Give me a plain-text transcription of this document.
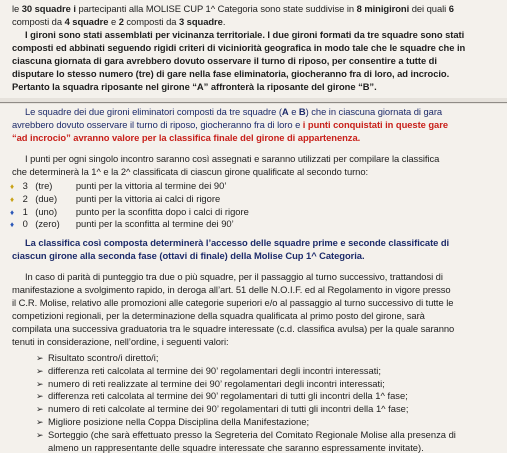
le 30 squadre i partecipanti alla MOLISE CUP 1^ Categoria sono state suddivise in 8 minigironi dei quali 6

composti da 4 squadre e 2 composti da 3 squadre.

I gironi sono stati assemblati per vicinanza territoriale. I due gironi formati da tre squadre sono stati

composti ed abbinati seguendo rigidi criteri di viciniorità geografica in modo tale che le squadre che in

ciascuna giornata di gara avrebbero dovuto osservare il turno di riposo, per consentire a tutte di

disputare lo stesso numero (tre) di gare nella fase eliminatoria, giocheranno fra di loro, ad incrocio.

Pertanto la squadra riposante nel girone “A” affronterà la riposante del girone “B”.

Le squadre dei due gironi eliminatori composti da tre squadre (A e B) che in ciascuna giornata di gara

avrebbero dovuto osservare il turno di riposo, giocheranno fra di loro e i punti conquistati in queste gare

“ad incrocio” avranno valore per la classifica finale del girone di appartenenza.

I punti per ogni singolo incontro saranno così assegnati e saranno utilizzati per compilare la classifica

che determinerà la 1^ e la 2^ classificata di ciascun girone qualificate al secondo turno:

♦ 3 (tre) punti per la vittoria al termine dei 90’
♦ 2 (due) punti per la vittoria ai calci di rigore
♦ 1 (uno) punto per la sconfitta dopo i calci di rigore
♦ 0 (zero) punti per la sconfitta al termine dei 90’

La classifica così composta determinerà l’accesso delle squadre prime e seconde classificate di

ciascun girone alla seconda fase (ottavi di finale) della Molise Cup 1^ Categoria.

In caso di parità di punteggio tra due o più squadre, per il passaggio al turno successivo, trattandosi di

manifestazione a svolgimento rapido, in deroga all’art. 51 delle N.O.I.F. ed al Regolamento in vigore presso

il C.R. Molise, relativo alle promozioni alle categorie superiori e/o al passaggio al turno successivo di tutte le

competizioni regionali, per la determinazione della squadra qualificata al primo posto del girone, sarà

compilata una successiva graduatoria tra le squadre interessate (c.d. classifica avulsa) per la quale saranno

tenuti in considerazione, nell’ordine, i seguenti valori:

➢ Risultato scontro/i diretto/i;
➢ differenza reti calcolata al termine dei 90’ regolamentari degli incontri interessati;
➢ numero di reti realizzate al termine dei 90’ regolamentari degli incontri interessati;
➢ differenza reti calcolata al termine dei 90’ regolamentari di tutti gli incontri della 1^ fase;
➢ numero di reti calcolate al termine dei 90’ regolamentari di tutti gli incontri della 1^ fase;
➢ Migliore posizione nella Coppa Disciplina della Manifestazione;
➢ Sorteggio (che sarà effettuato presso la Segreteria del Comitato Regionale Molise alla presenza di
almeno un rappresentante delle squadre interessate che saranno espressamente invitate).
